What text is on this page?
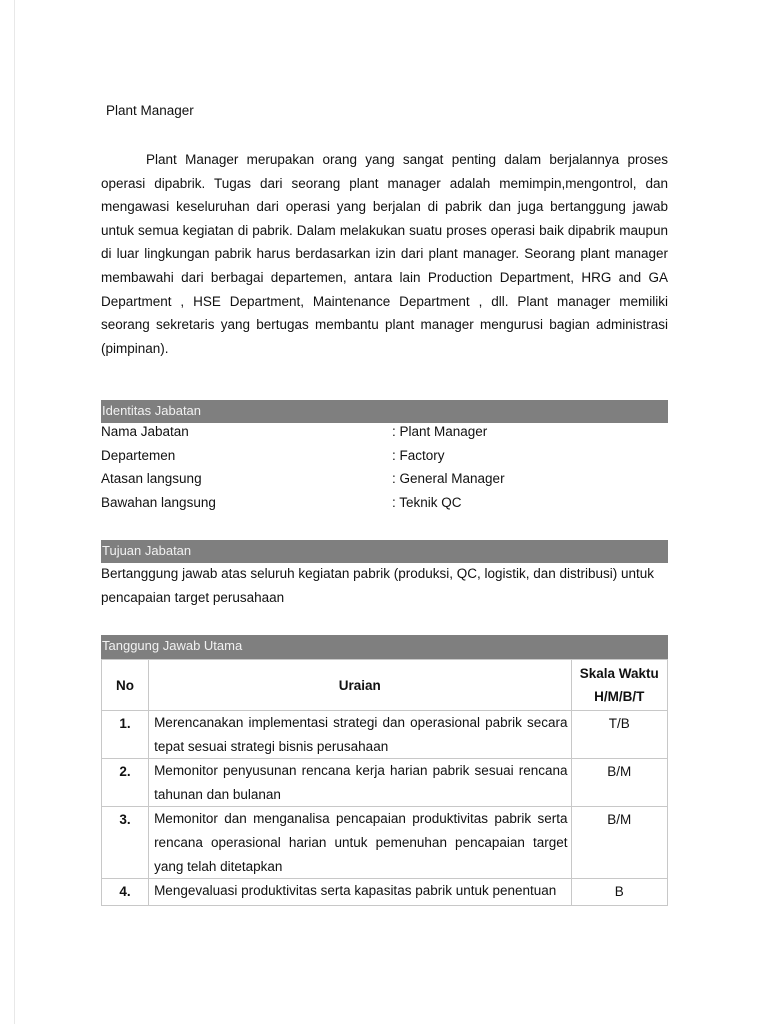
Plant Manager
Plant Manager merupakan orang yang sangat penting dalam berjalannya proses operasi dipabrik. Tugas dari seorang plant manager adalah memimpin,mengontrol, dan mengawasi keseluruhan dari operasi yang berjalan di pabrik dan juga bertanggung jawab untuk semua kegiatan di pabrik. Dalam melakukan suatu proses operasi baik dipabrik maupun di luar lingkungan pabrik harus berdasarkan izin dari plant manager. Seorang plant manager membawahi dari berbagai departemen, antara lain Production Department, HRG and GA Department , HSE Department, Maintenance Department , dll. Plant manager memiliki seorang sekretaris yang bertugas membantu plant manager mengurusi bagian administrasi (pimpinan).
Identitas Jabatan
Nama Jabatan	: Plant Manager
Departemen	: Factory
Atasan langsung	: General Manager
Bawahan langsung	: Teknik QC
Tujuan Jabatan
Bertanggung jawab atas seluruh kegiatan pabrik (produksi, QC, logistik, dan distribusi) untuk pencapaian target perusahaan
Tanggung Jawab Utama
No	Uraian	Skala Waktu
H/M/B/T

1.	Merencanakan implementasi strategi dan operasional pabrik secara tepat sesuai strategi bisnis perusahaan	T/B
2.	Memonitor penyusunan rencana kerja harian pabrik sesuai rencana tahunan dan bulanan	B/M
3.	Memonitor dan menganalisa pencapaian produktivitas pabrik serta rencana operasional harian untuk pemenuhan pencapaian target yang telah ditetapkan	B/M
4.	Mengevaluasi produktivitas serta kapasitas pabrik untuk penentuan	B
